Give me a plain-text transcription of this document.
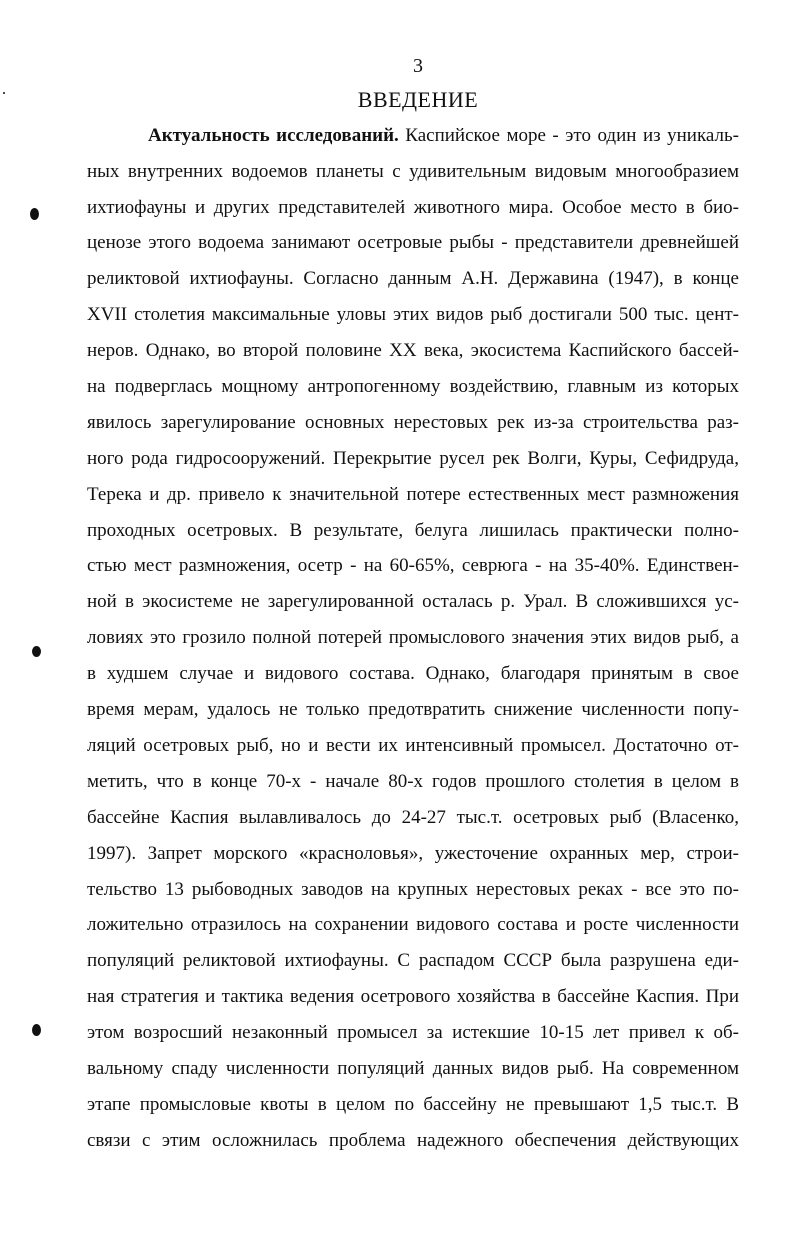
3
ВВЕДЕНИЕ
Актуальность исследований. Каспийское море - это один из уникаль-
ных внутренних водоемов планеты с удивительным видовым многообразием
ихтиофауны и других представителей животного мира. Особое место в био-
ценозе этого водоема занимают осетровые рыбы - представители древнейшей
реликтовой ихтиофауны. Согласно данным А.Н. Державина (1947), в конце
XVII столетия максимальные уловы этих видов рыб достигали 500 тыс. цент-
неров. Однако, во второй половине XX века, экосистема Каспийского бассей-
на подверглась мощному антропогенному воздействию, главным из которых
явилось зарегулирование основных нерестовых рек из-за строительства раз-
ного рода гидросооружений. Перекрытие русел рек Волги, Куры, Сефидруда,
Терека и др. привело к значительной потере естественных мест размножения
проходных осетровых. В результате, белуга лишилась практически полно-
стью мест размножения, осетр - на 60-65%, севрюга - на 35-40%. Единствен-
ной в экосистеме не зарегулированной осталась р. Урал. В сложившихся ус-
ловиях это грозило полной потерей промыслового значения этих видов рыб, а
в худшем случае и видового состава. Однако, благодаря принятым в свое
время мерам, удалось не только предотвратить снижение численности попу-
ляций осетровых рыб, но и вести их интенсивный промысел. Достаточно от-
метить, что в конце 70-х - начале 80-х годов прошлого столетия в целом в
бассейне Каспия вылавливалось до 24-27 тыс.т. осетровых рыб (Власенко,
1997). Запрет морского «красноловья», ужесточение охранных мер, строи-
тельство 13 рыбоводных заводов на крупных нерестовых реках - все это по-
ложительно отразилось на сохранении видового состава и росте численности
популяций реликтовой ихтиофауны. С распадом СССР была разрушена еди-
ная стратегия и тактика ведения осетрового хозяйства в бассейне Каспия. При
этом возросший незаконный промысел за истекшие 10-15 лет привел к об-
вальному спаду численности популяций данных видов рыб. На современном
этапе промысловые квоты в целом по бассейну не превышают 1,5 тыс.т. В
связи с этим осложнилась проблема надежного обеспечения действующих
